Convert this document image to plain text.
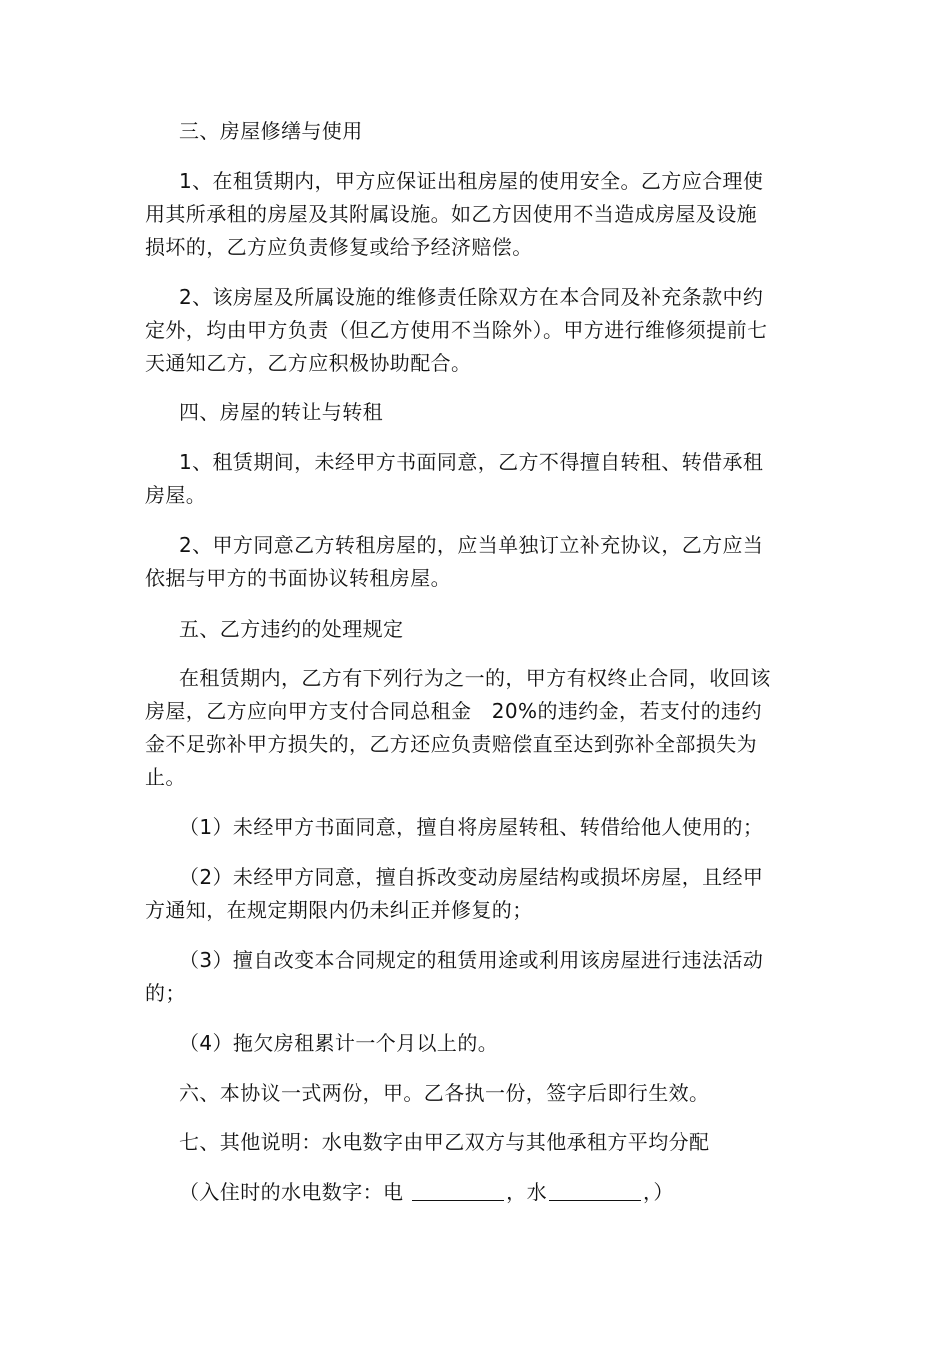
三、房屋修缮与使用

1、在租赁期内，甲方应保证出租房屋的使用安全。乙方应合理使用其所承租的房屋及其附属设施。如乙方因使用不当造成房屋及设施损坏的，乙方应负责修复或给予经济赔偿。

2、该房屋及所属设施的维修责任除双方在本合同及补充条款中约定外，均由甲方负责（但乙方使用不当除外）。甲方进行维修须提前七天通知乙方，乙方应积极协助配合。

四、房屋的转让与转租

1、租赁期间，未经甲方书面同意，乙方不得擅自转租、转借承租房屋。

2、甲方同意乙方转租房屋的，应当单独订立补充协议，乙方应当依据与甲方的书面协议转租房屋。

五、乙方违约的处理规定

在租赁期内，乙方有下列行为之一的，甲方有权终止合同，收回该房屋，乙方应向甲方支付合同总租金　20%的违约金，若支付的违约金不足弥补甲方损失的，乙方还应负责赔偿直至达到弥补全部损失为止。

（1）未经甲方书面同意，擅自将房屋转租、转借给他人使用的；

（2）未经甲方同意，擅自拆改变动房屋结构或损坏房屋，且经甲方通知，在规定期限内仍未纠正并修复的；

（3）擅自改变本合同规定的租赁用途或利用该房屋进行违法活动的；

（4）拖欠房租累计一个月以上的。

六、本协议一式两份，甲。乙各执一份，签字后即行生效。

七、其他说明：水电数字由甲乙双方与其他承租方平均分配

（入住时的水电数字：电	，水	，）
